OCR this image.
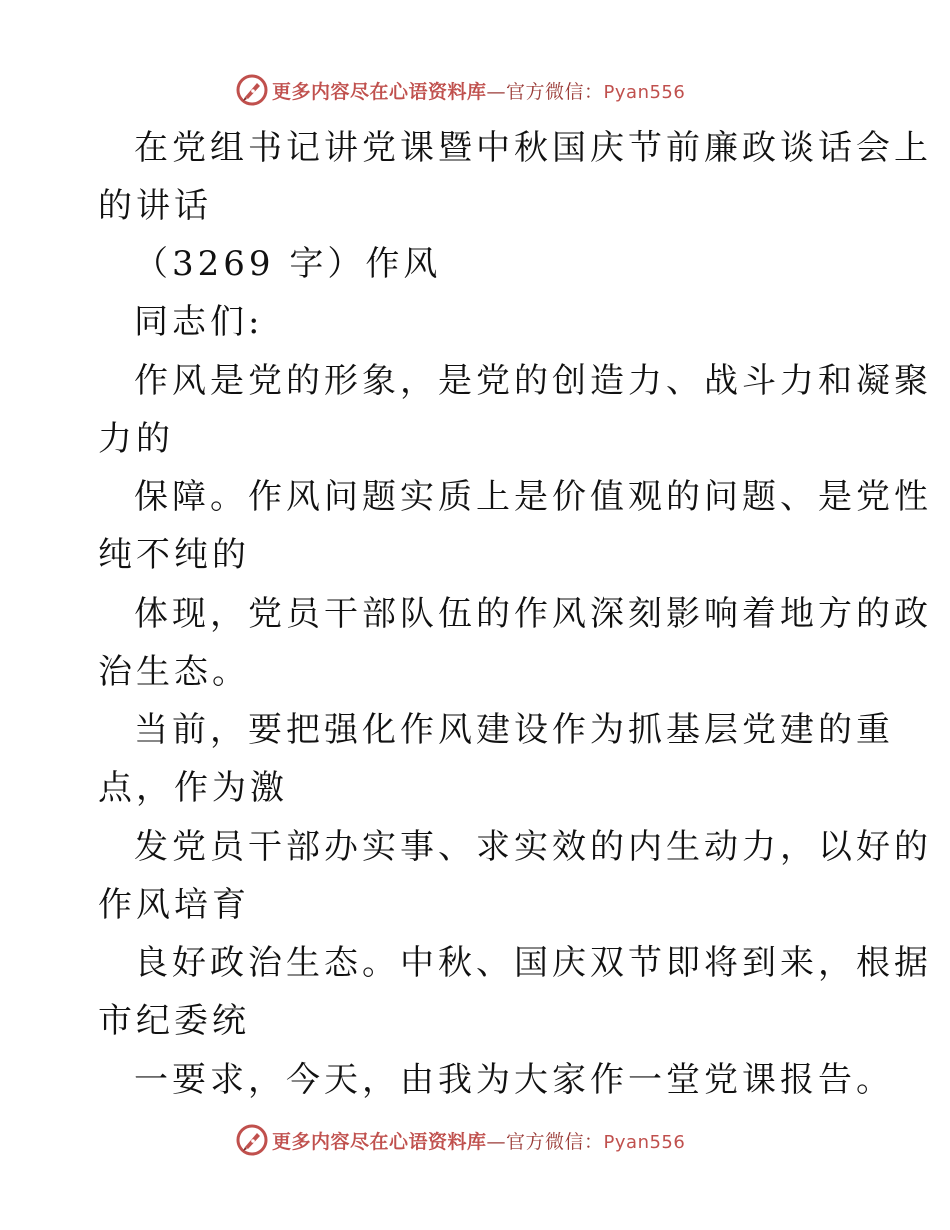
更多内容尽在心语资料库—官方微信：Pyan556
在党组书记讲党课暨中秋国庆节前廉政谈话会上
的讲话
（3269 字）作风
同志们:
作风是党的形象，是党的创造力、战斗力和凝聚
力的
保障。作风问题实质上是价值观的问题、是党性
纯不纯的
体现，党员干部队伍的作风深刻影响着地方的政
治生态。
当前，要把强化作风建设作为抓基层党建的重
点，作为激
发党员干部办实事、求实效的内生动力，以好的
作风培育
良好政治生态。中秋、国庆双节即将到来，根据
市纪委统
一要求，今天，由我为大家作一堂党课报告。
更多内容尽在心语资料库—官方微信：Pyan556
